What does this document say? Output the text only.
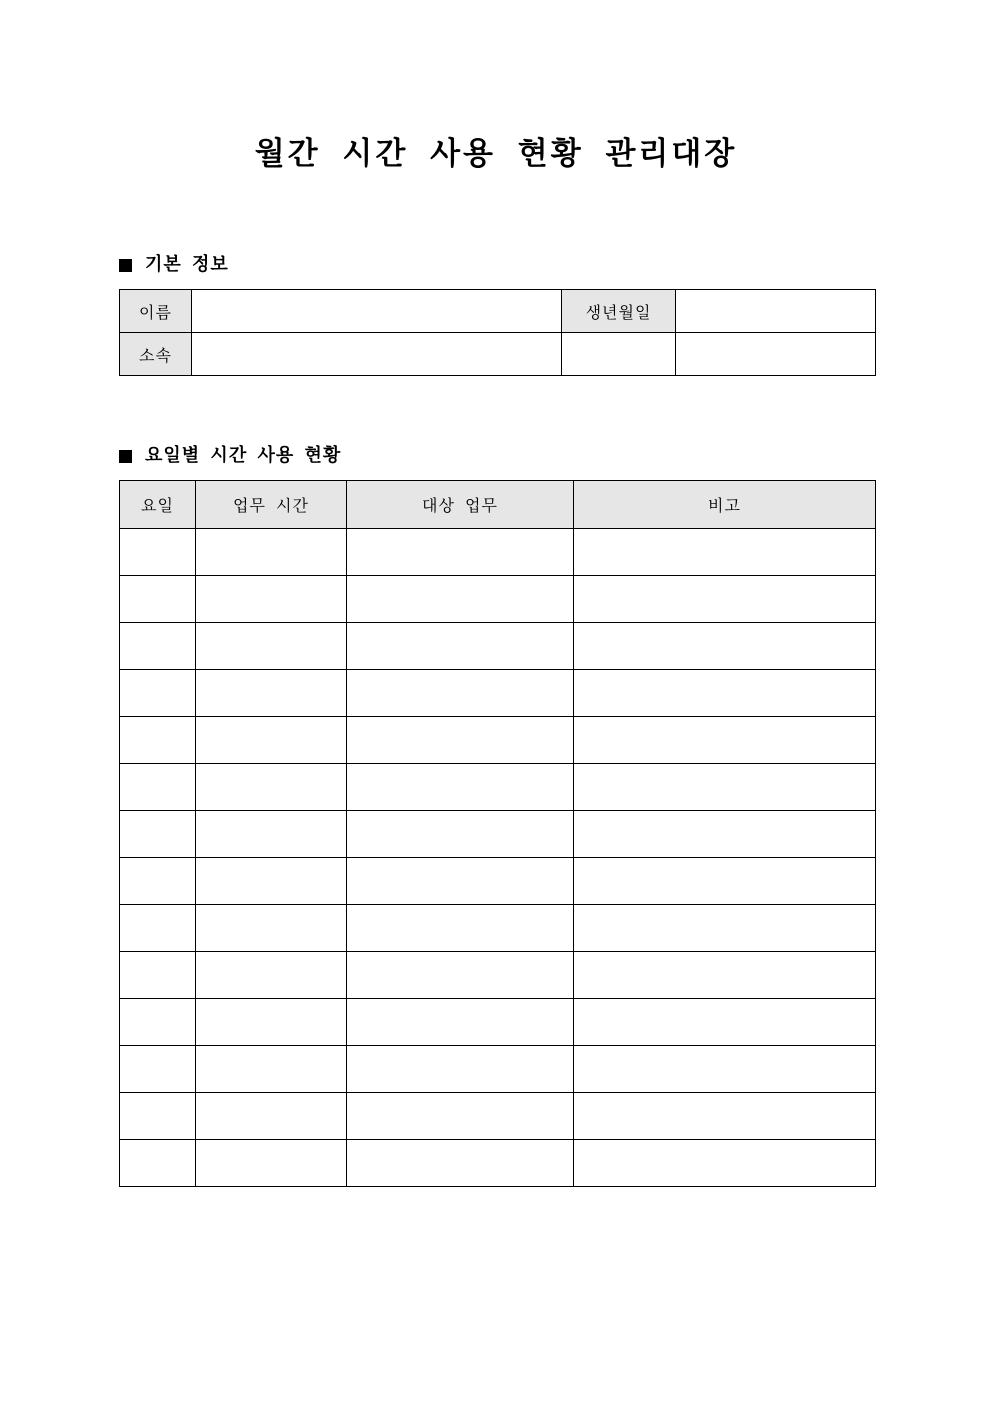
월간 시간 사용 현황 관리대장
기본 정보
이름		생년월일	
소속			
요일별 시간 사용 현황
요일	업무 시간	대상 업무	비고
